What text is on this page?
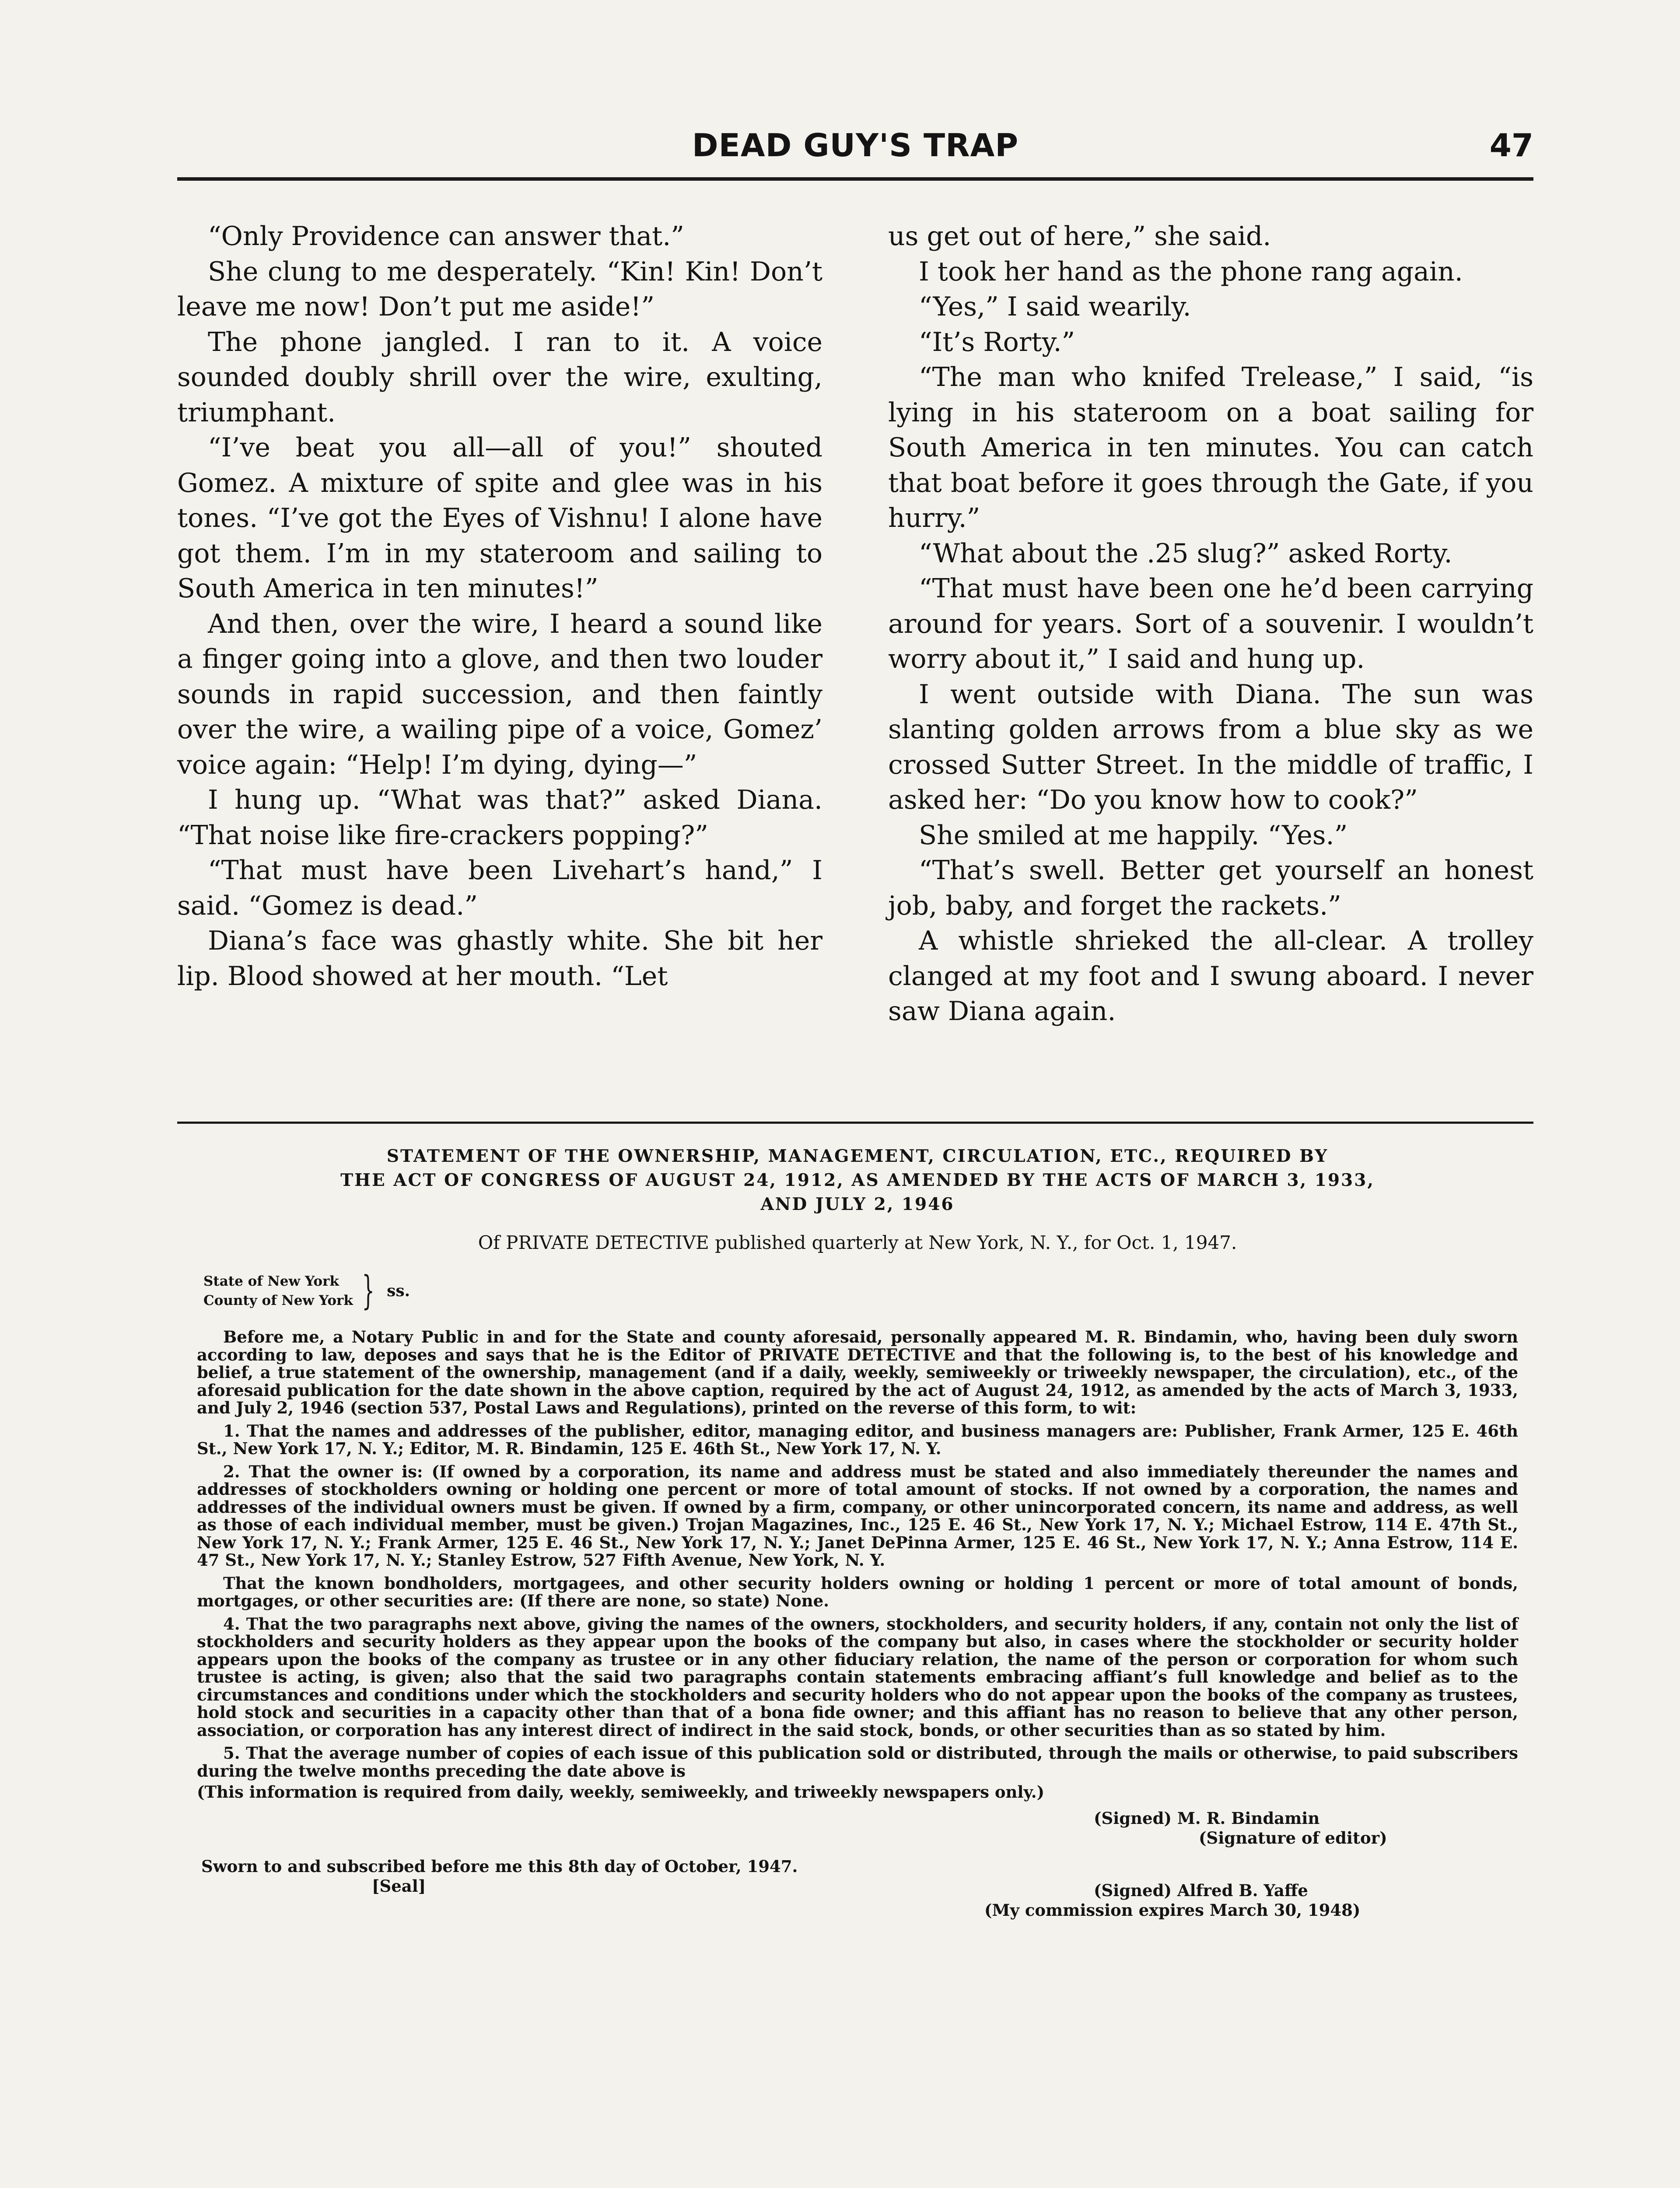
DEAD GUY'S TRAP	47

“Only Providence can answer that.”

She clung to me desperately. “Kin! Kin! Don’t leave me now! Don’t put me aside!”

The phone jangled. I ran to it. A voice sounded doubly shrill over the wire, exulting, triumphant.

“I’ve beat you all—all of you!” shouted Gomez. A mixture of spite and glee was in his tones. “I’ve got the Eyes of Vishnu! I alone have got them. I’m in my stateroom and sailing to South America in ten minutes!”

And then, over the wire, I heard a sound like a finger going into a glove, and then two louder sounds in rapid succession, and then faintly over the wire, a wailing pipe of a voice, Gomez’ voice again: “Help! I’m dying, dying—”

I hung up. “What was that?” asked Diana. “That noise like fire-crackers popping?”

“That must have been Livehart’s hand,” I said. “Gomez is dead.”

Diana’s face was ghastly white. She bit her lip. Blood showed at her mouth. “Let

us get out of here,” she said.

I took her hand as the phone rang again.

“Yes,” I said wearily.

“It’s Rorty.”

“The man who knifed Trelease,” I said, “is lying in his stateroom on a boat sailing for South America in ten minutes. You can catch that boat before it goes through the Gate, if you hurry.”

“What about the .25 slug?” asked Rorty.

“That must have been one he’d been carrying around for years. Sort of a souvenir. I wouldn’t worry about it,” I said and hung up.

I went outside with Diana. The sun was slanting golden arrows from a blue sky as we crossed Sutter Street. In the middle of traffic, I asked her: “Do you know how to cook?”

She smiled at me happily. “Yes.”

“That’s swell. Better get yourself an honest job, baby, and forget the rackets.”

A whistle shrieked the all-clear. A trolley clanged at my foot and I swung aboard. I never saw Diana again.

STATEMENT OF THE OWNERSHIP, MANAGEMENT, CIRCULATION, ETC., REQUIRED BY
THE ACT OF CONGRESS OF AUGUST 24, 1912, AS AMENDED BY THE ACTS OF MARCH 3, 1933,
AND JULY 2, 1946
Of PRIVATE DETECTIVE published quarterly at New York, N. Y., for Oct. 1, 1947.
State of New York
County of New York } ss.

Before me, a Notary Public in and for the State and county aforesaid, personally appeared M. R. Bindamin, who, having been duly sworn according to law, deposes and says that he is the Editor of PRIVATE DETECTIVE and that the following is, to the best of his knowledge and belief, a true statement of the ownership, management (and if a daily, weekly, semiweekly or triweekly newspaper, the circulation), etc., of the aforesaid publication for the date shown in the above caption, required by the act of August 24, 1912, as amended by the acts of March 3, 1933, and July 2, 1946 (section 537, Postal Laws and Regulations), printed on the reverse of this form, to wit:

1. That the names and addresses of the publisher, editor, managing editor, and business managers are: Publisher, Frank Armer, 125 E. 46th St., New York 17, N. Y.; Editor, M. R. Bindamin, 125 E. 46th St., New York 17, N. Y.

2. That the owner is: (If owned by a corporation, its name and address must be stated and also immediately thereunder the names and addresses of stockholders owning or holding one percent or more of total amount of stocks. If not owned by a corporation, the names and addresses of the individual owners must be given. If owned by a firm, company, or other unincorporated concern, its name and address, as well as those of each individual member, must be given.) Trojan Magazines, Inc., 125 E. 46 St., New York 17, N. Y.; Michael Estrow, 114 E. 47th St., New York 17, N. Y.; Frank Armer, 125 E. 46 St., New York 17, N. Y.; Janet DePinna Armer, 125 E. 46 St., New York 17, N. Y.; Anna Estrow, 114 E. 47 St., New York 17, N. Y.; Stanley Estrow, 527 Fifth Avenue, New York, N. Y.

That the known bondholders, mortgagees, and other security holders owning or holding 1 percent or more of total amount of bonds, mortgages, or other securities are: (If there are none, so state) None.

4. That the two paragraphs next above, giving the names of the owners, stockholders, and security holders, if any, contain not only the list of stockholders and security holders as they appear upon the books of the company but also, in cases where the stockholder or security holder appears upon the books of the company as trustee or in any other fiduciary relation, the name of the person or corporation for whom such trustee is acting, is given; also that the said two paragraphs contain statements embracing affiant’s full knowledge and belief as to the circumstances and conditions under which the stockholders and security holders who do not appear upon the books of the company as trustees, hold stock and securities in a capacity other than that of a bona fide owner; and this affiant has no reason to believe that any other person, association, or corporation has any interest direct of indirect in the said stock, bonds, or other securities than as so stated by him.

5. That the average number of copies of each issue of this publication sold or distributed, through the mails or otherwise, to paid subscribers during the twelve months preceding the date above is

(This information is required from daily, weekly, semiweekly, and triweekly newspapers only.)

(Signed) M. R. Bindamin
(Signature of editor)
Sworn to and subscribed before me this 8th day of October, 1947.
[Seal]	(Signed) Alfred B. Yaffe
(My commission expires March 30, 1948)
